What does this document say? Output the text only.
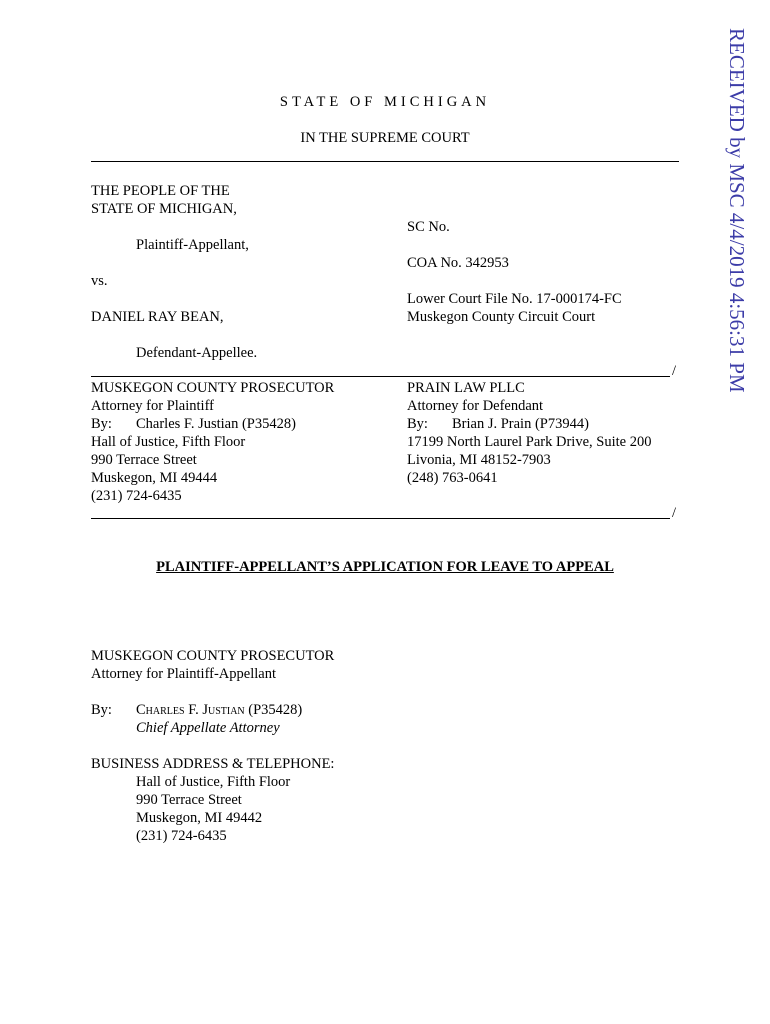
RECEIVED by MSC 4/4/2019 4:56:31 PM
STATE OF MICHIGAN
IN THE SUPREME COURT
THE PEOPLE OF THE
STATE OF MICHIGAN,
Plaintiff-Appellant,
vs.
DANIEL RAY BEAN,
Defendant-Appellee.
SC No.
COA No. 342953
Lower Court File No. 17-000174-FC
Muskegon County Circuit Court
/
MUSKEGON COUNTY PROSECUTOR
Attorney for Plaintiff
By: Charles F. Justian (P35428)
Hall of Justice, Fifth Floor
990 Terrace Street
Muskegon, MI 49444
(231) 724-6435
PRAIN LAW PLLC
Attorney for Defendant
By: Brian J. Prain (P73944)
17199 North Laurel Park Drive, Suite 200
Livonia, MI 48152-7903
(248) 763-0641
/
PLAINTIFF-APPELLANT’S APPLICATION FOR LEAVE TO APPEAL
MUSKEGON COUNTY PROSECUTOR
Attorney for Plaintiff-Appellant
By: Charles F. Justian (P35428)
Chief Appellate Attorney
BUSINESS ADDRESS & TELEPHONE:
Hall of Justice, Fifth Floor
990 Terrace Street
Muskegon, MI 49442
(231) 724-6435
